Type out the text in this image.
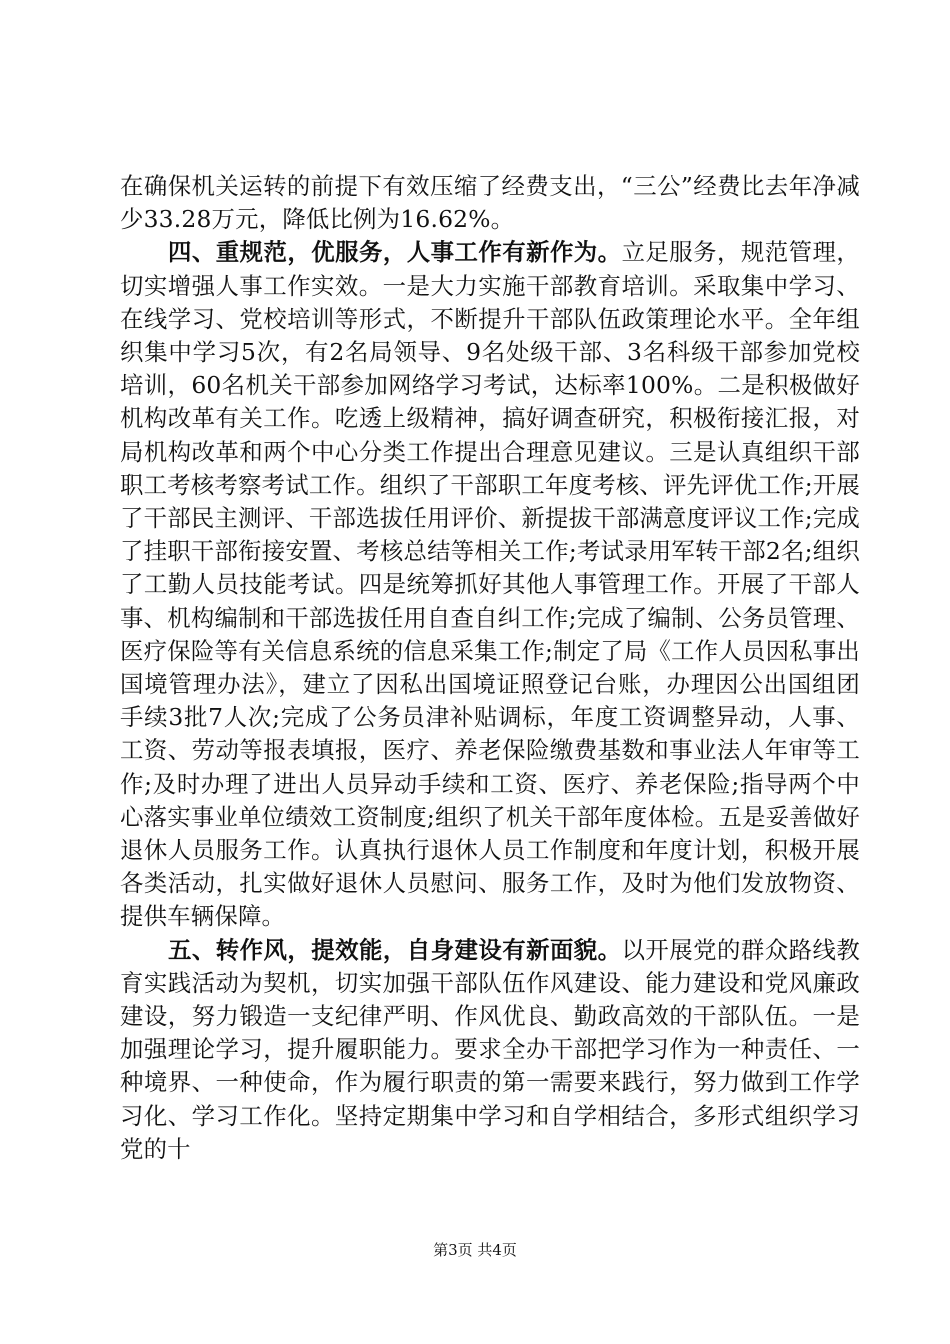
在确保机关运转的前提下有效压缩了经费支出，“三公”经费比去年净减少33.28万元，降低比例为16.62%。

四、重规范，优服务，人事工作有新作为。立足服务，规范管理，切实增强人事工作实效。一是大力实施干部教育培训。采取集中学习、在线学习、党校培训等形式，不断提升干部队伍政策理论水平。全年组织集中学习5次，有2名局领导、9名处级干部、3名科级干部参加党校培训，60名机关干部参加网络学习考试，达标率100%。二是积极做好机构改革有关工作。吃透上级精神，搞好调查研究，积极衔接汇报，对局机构改革和两个中心分类工作提出合理意见建议。三是认真组织干部职工考核考察考试工作。组织了干部职工年度考核、评先评优工作;开展了干部民主测评、干部选拔任用评价、新提拔干部满意度评议工作;完成了挂职干部衔接安置、考核总结等相关工作;考试录用军转干部2名;组织了工勤人员技能考试。四是统筹抓好其他人事管理工作。开展了干部人事、机构编制和干部选拔任用自查自纠工作;完成了编制、公务员管理、医疗保险等有关信息系统的信息采集工作;制定了局《工作人员因私事出国境管理办法》，建立了因私出国境证照登记台账，办理因公出国组团手续3批7人次;完成了公务员津补贴调标，年度工资调整异动，人事、工资、劳动等报表填报，医疗、养老保险缴费基数和事业法人年审等工作;及时办理了进出人员异动手续和工资、医疗、养老保险;指导两个中心落实事业单位绩效工资制度;组织了机关干部年度体检。五是妥善做好退休人员服务工作。认真执行退休人员工作制度和年度计划，积极开展各类活动，扎实做好退休人员慰问、服务工作，及时为他们发放物资、提供车辆保障。

五、转作风，提效能，自身建设有新面貌。以开展党的群众路线教育实践活动为契机，切实加强干部队伍作风建设、能力建设和党风廉政建设，努力锻造一支纪律严明、作风优良、勤政高效的干部队伍。一是加强理论学习，提升履职能力。要求全办干部把学习作为一种责任、一种境界、一种使命，作为履行职责的第一需要来践行，努力做到工作学习化、学习工作化。坚持定期集中学习和自学相结合，多形式组织学习党的十

第3页 共4页
